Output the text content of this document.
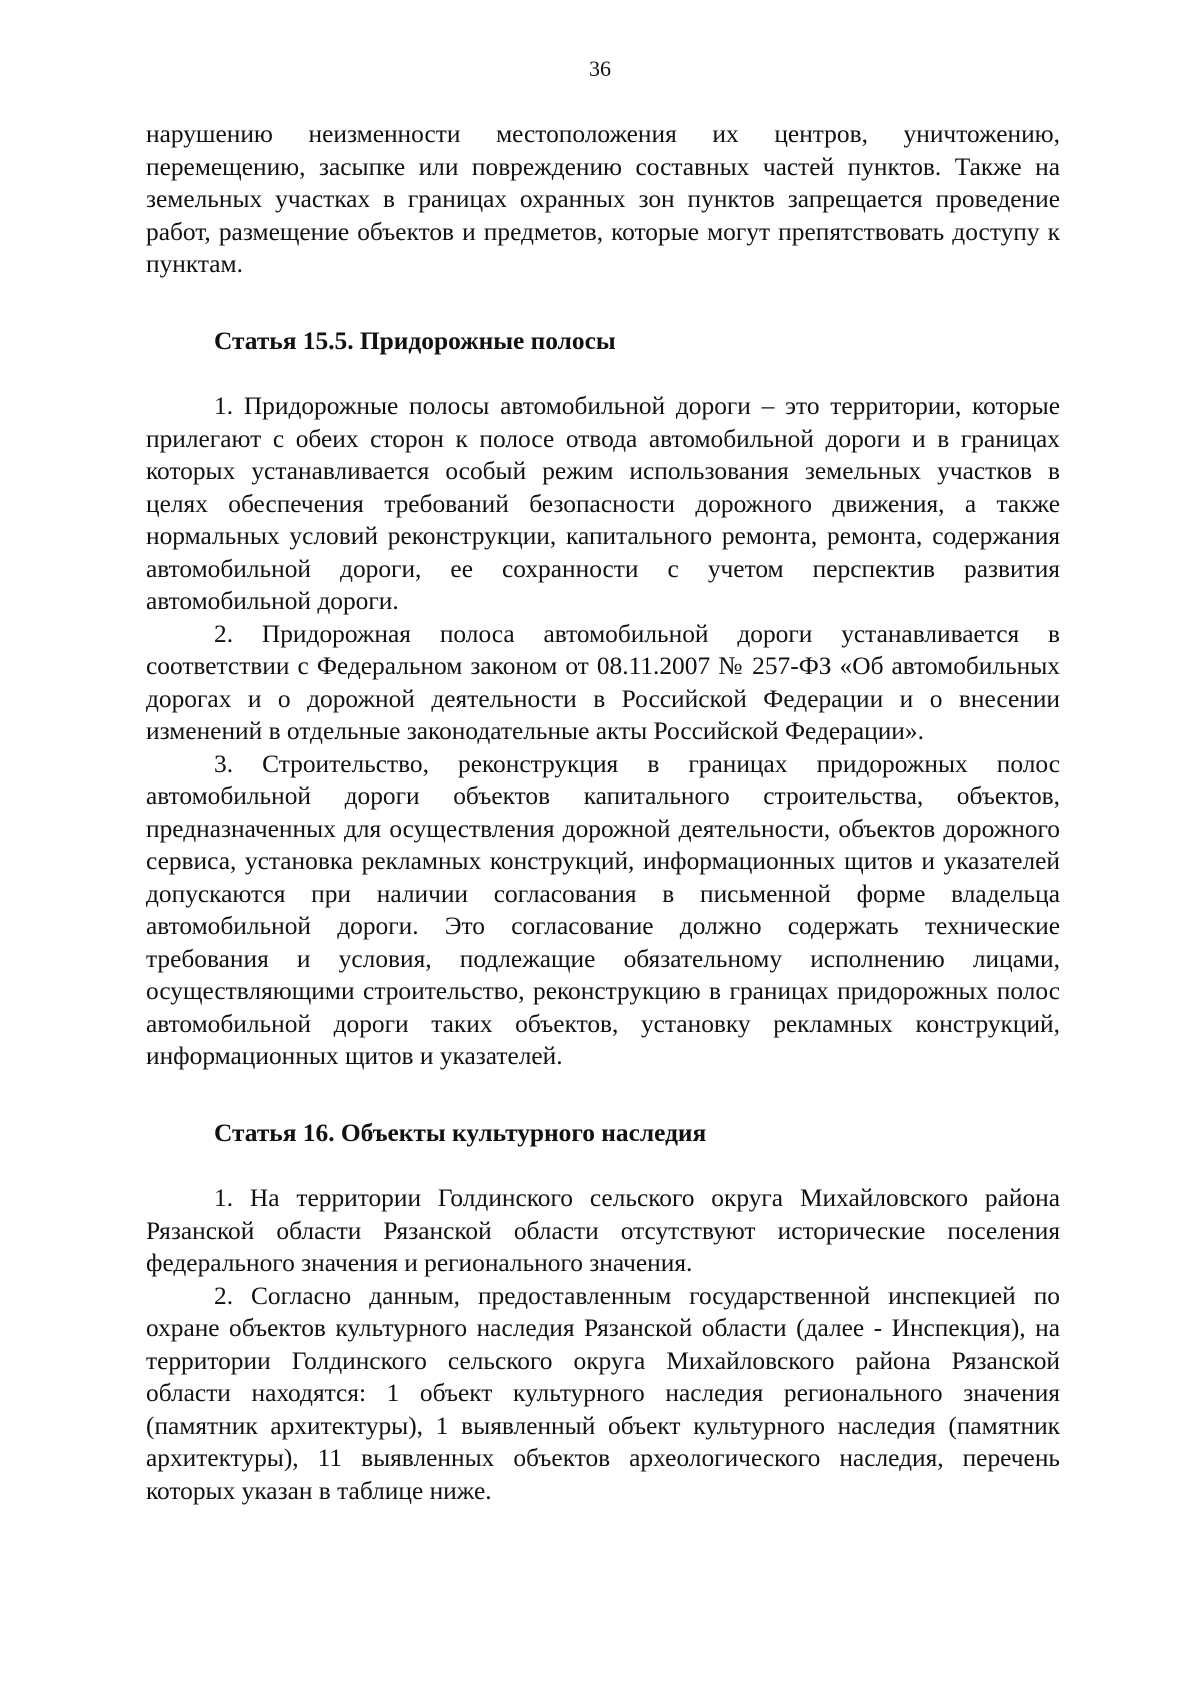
36

нарушению неизменности местоположения их центров, уничтожению, перемещению, засыпке или повреждению составных частей пунктов. Также на земельных участках в границах охранных зон пунктов запрещается проведение работ, размещение объектов и предметов, которые могут препятствовать доступу к пунктам.

Статья 15.5. Придорожные полосы

1. Придорожные полосы автомобильной дороги – это территории, которые прилегают с обеих сторон к полосе отвода автомобильной дороги и в границах которых устанавливается особый режим использования земельных участков в целях обеспечения требований безопасности дорожного движения, а также нормальных условий реконструкции, капитального ремонта, ремонта, содержания автомобильной дороги, ее сохранности с учетом перспектив развития автомобильной дороги.

2. Придорожная полоса автомобильной дороги устанавливается в соответствии с Федеральном законом от 08.11.2007 № 257-ФЗ «Об автомобильных дорогах и о дорожной деятельности в Российской Федерации и о внесении изменений в отдельные законодательные акты Российской Федерации».

3. Строительство, реконструкция в границах придорожных полос автомобильной дороги объектов капитального строительства, объектов, предназначенных для осуществления дорожной деятельности, объектов дорожного сервиса, установка рекламных конструкций, информационных щитов и указателей допускаются при наличии согласования в письменной форме владельца автомобильной дороги. Это согласование должно содержать технические требования и условия, подлежащие обязательному исполнению лицами, осуществляющими строительство, реконструкцию в границах придорожных полос автомобильной дороги таких объектов, установку рекламных конструкций, информационных щитов и указателей.

Статья 16. Объекты культурного наследия

1. На территории Голдинского сельского округа Михайловского района Рязанской области Рязанской области отсутствуют исторические поселения федерального значения и регионального значения.

2. Согласно данным, предоставленным государственной инспекцией по охране объектов культурного наследия Рязанской области (далее - Инспекция), на территории Голдинского сельского округа Михайловского района Рязанской области находятся: 1 объект культурного наследия регионального значения (памятник архитектуры), 1 выявленный объект культурного наследия (памятник архитектуры), 11 выявленных объектов археологического наследия, перечень которых указан в таблице ниже.
